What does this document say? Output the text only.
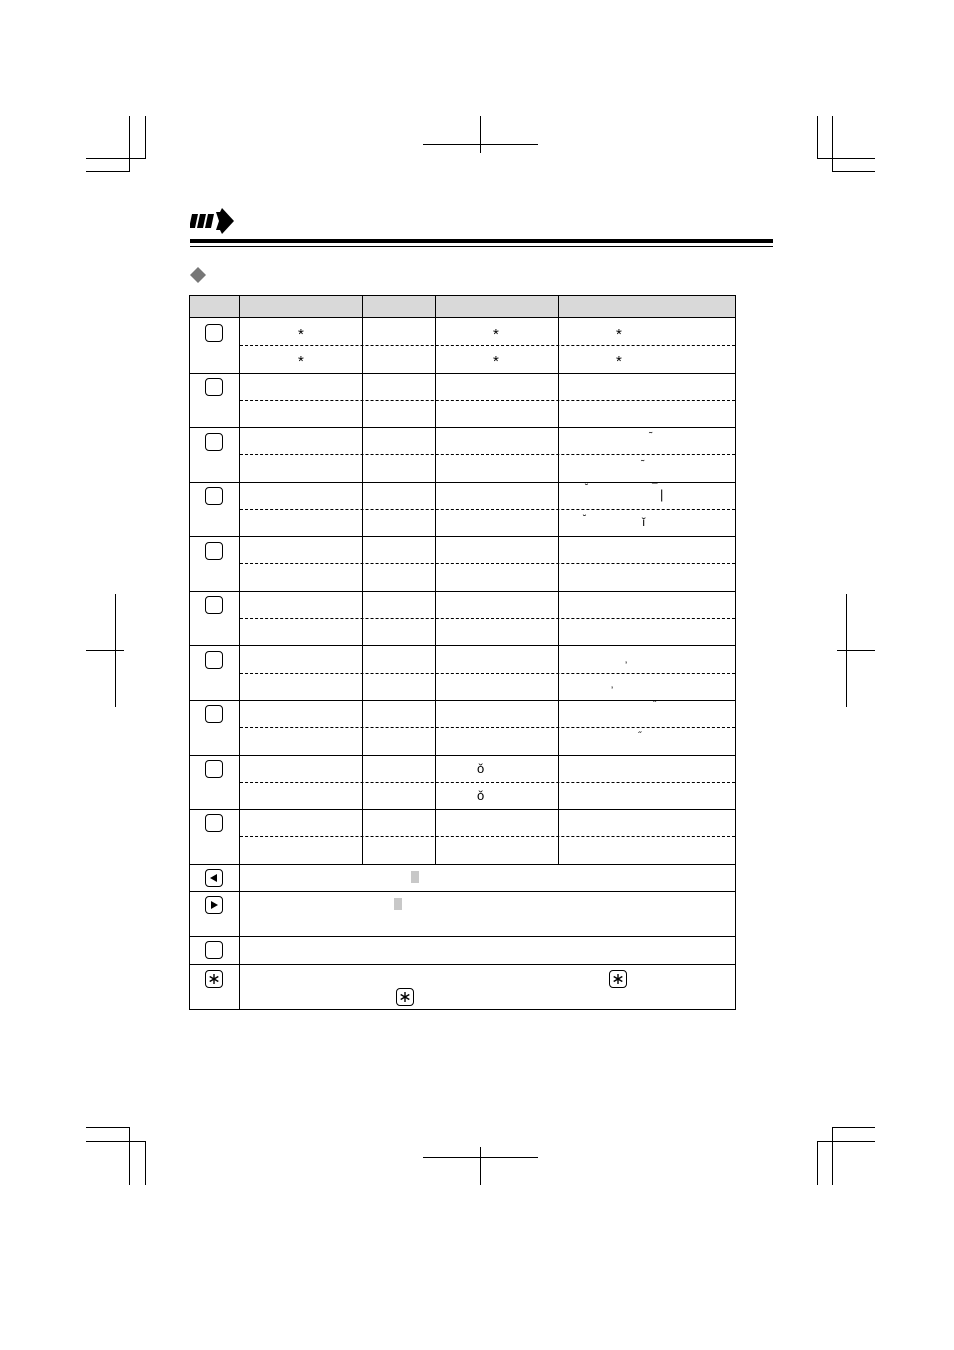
*
*
*
*
*
*
˜
˜
˘	¯ |
˘	ĭ
ʼ
ʼ
˝
˝
ǒ
ǒ
